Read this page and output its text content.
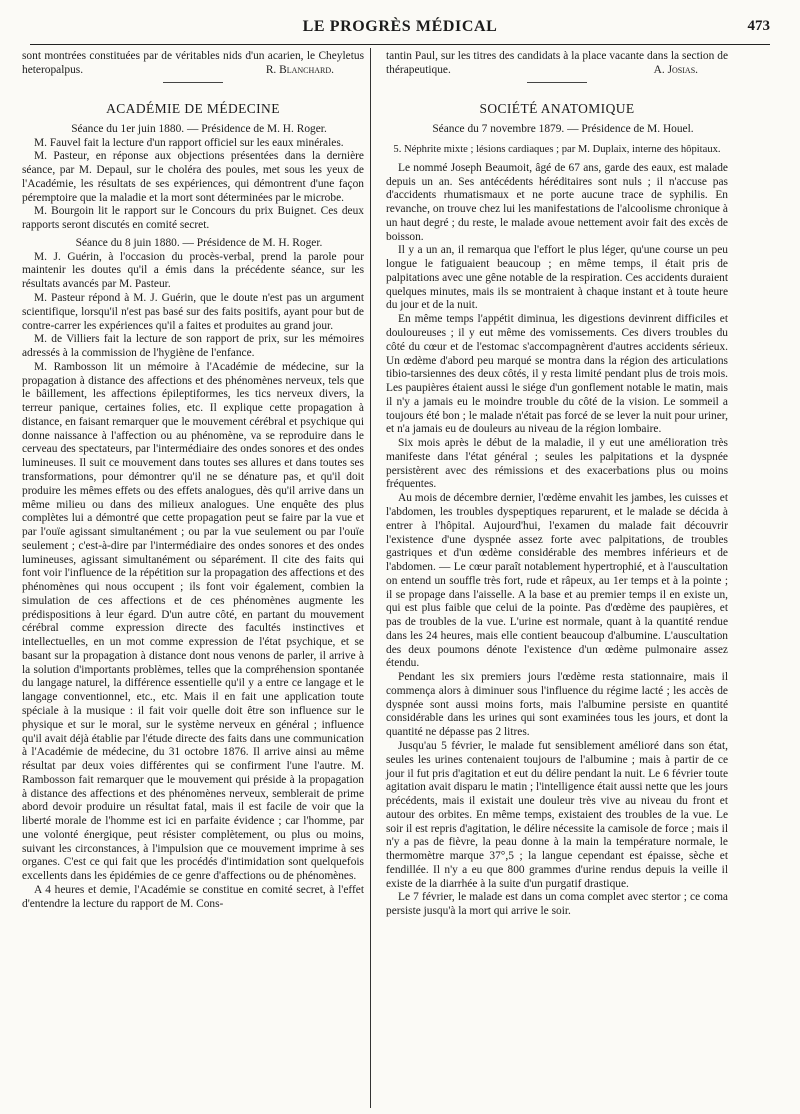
LE PROGRÈS MÉDICAL	473

sont montrées constituées par de véritables nids d'un acarien, le Cheyletus heteropalpus.	R. Blanchard.

ACADÉMIE DE MÉDECINE

Séance du 1er juin 1880. — Présidence de M. H. Roger.

M. Fauvel fait la lecture d'un rapport officiel sur les eaux minérales.

M. Pasteur, en réponse aux objections présentées dans la dernière séance, par M. Depaul, sur le choléra des poules, met sous les yeux de l'Académie, les résultats de ses expériences, qui démontrent d'une façon péremptoire que la maladie et la mort sont déterminées par le microbe.

M. Bourgoin lit le rapport sur le Concours du prix Buignet. Ces deux rapports seront discutés en comité secret.

Séance du 8 juin 1880. — Présidence de M. H. Roger.

M. J. Guérin, à l'occasion du procès-verbal, prend la parole pour maintenir les doutes qu'il a émis dans la précédente séance, sur les résultats avancés par M. Pasteur.

M. Pasteur répond à M. J. Guérin, que le doute n'est pas un argument scientifique, lorsqu'il n'est pas basé sur des faits positifs, ayant pour but de contre-carrer les expériences qu'il a faites et produites au grand jour.

M. de Villiers fait la lecture de son rapport de prix, sur les mémoires adressés à la commission de l'hygiène de l'enfance.

M. Rambosson lit un mémoire à l'Académie de médecine, sur la propagation à distance des affections et des phénomènes nerveux, tels que le bâillement, les affections épileptiformes, les tics nerveux divers, la terreur panique, certaines folies, etc. Il explique cette propagation à distance, en faisant remarquer que le mouvement cérébral et psychique qui donne naissance à l'affection ou au phénomène, va se reproduire dans le cerveau des spectateurs, par l'intermédiaire des ondes sonores et des ondes lumineuses. Il suit ce mouvement dans toutes ses allures et dans toutes ses transformations, pour démontrer qu'il ne se dénature pas, et qu'il doit produire les mêmes effets ou des effets analogues, dès qu'il arrive dans un même milieu ou dans des milieux analogues. Une enquête des plus complètes lui a démontré que cette propagation peut se faire par la vue et par l'ouïe agissant simultanément ; ou par la vue seulement ou par l'ouïe seulement ; c'est-à-dire par l'intermédiaire des ondes sonores et des ondes lumineuses, agissant simultanément ou séparément. Il cite des faits qui font voir l'influence de la répétition sur la propagation des affections et des phénomènes qui nous occupent ; ils font voir également, combien la simulation de ces affections et de ces phénomènes augmente les prédispositions à leur égard. D'un autre côté, en partant du mouvement cérébral comme expression directe des facultés instinctives et intellectuelles, en un mot comme expression de l'état psychique, et se basant sur la propagation à distance dont nous venons de parler, il arrive à la solution d'importants problèmes, telles que la compréhension spontanée du langage naturel, la différence essentielle qu'il y a entre ce langage et le langage conventionnel, etc., etc. Mais il en fait une application toute spéciale à la musique : il fait voir quelle doit être son influence sur le physique et sur le moral, sur le système nerveux en général ; influence qu'il avait déjà établie par l'étude directe des faits dans une communication à l'Académie de médecine, du 31 octobre 1876. Il arrive ainsi au même résultat par deux voies différentes qui se confirment l'une l'autre. M. Rambosson fait remarquer que le mouvement qui préside à la propagation à distance des affections et des phénomènes nerveux, semblerait de prime abord devoir produire un résultat fatal, mais il est facile de voir que la liberté morale de l'homme est ici en parfaite évidence ; car l'homme, par une volonté énergique, peut résister complètement, ou plus ou moins, suivant les circonstances, à l'impulsion que ce mouvement imprime à ses organes. C'est ce qui fait que les procédés d'intimidation sont quelquefois excellents dans les épidémies de ce genre d'affections ou de phénomènes.

A 4 heures et demie, l'Académie se constitue en comité secret, à l'effet d'entendre la lecture du rapport de M. Cons-

tantin Paul, sur les titres des candidats à la place vacante dans la section de thérapeutique.	A. Josias.

SOCIÉTÉ ANATOMIQUE

Séance du 7 novembre 1879. — Présidence de M. Houel.

5. Néphrite mixte ; lésions cardiaques ; par M. Duplaix, interne des hôpitaux.

Le nommé Joseph Beaumoit, âgé de 67 ans, garde des eaux, est malade depuis un an. Ses antécédents héréditaires sont nuls ; il n'accuse pas d'accidents rhumatismaux et ne porte aucune trace de syphilis. En revanche, on trouve chez lui les manifestations de l'alcoolisme chronique à un haut degré ; du reste, le malade avoue nettement avoir fait des excès de boisson.

Il y a un an, il remarqua que l'effort le plus léger, qu'une course un peu longue le fatiguaient beaucoup ; en même temps, il était pris de palpitations avec une gêne notable de la respiration. Ces accidents duraient quelques minutes, mais ils se montraient à chaque instant et à toute heure du jour et de la nuit.

En même temps l'appétit diminua, les digestions devinrent difficiles et douloureuses ; il y eut même des vomissements. Ces divers troubles du côté du cœur et de l'estomac s'accompagnèrent d'autres accidents sérieux. Un œdème d'abord peu marqué se montra dans la région des articulations tibio-tarsiennes des deux côtés, il y resta limité pendant plus de trois mois. Les paupières étaient aussi le siége d'un gonflement notable le matin, mais il n'y a jamais eu le moindre trouble du côté de la vision. Le sommeil a toujours été bon ; le malade n'était pas forcé de se lever la nuit pour uriner, et n'a jamais eu de douleurs au niveau de la région lombaire.

Six mois après le début de la maladie, il y eut une amélioration très manifeste dans l'état général ; seules les palpitations et la dyspnée persistèrent avec des rémissions et des exacerbations plus ou moins fréquentes.

Au mois de décembre dernier, l'œdème envahit les jambes, les cuisses et l'abdomen, les troubles dyspeptiques reparurent, et le malade se décida à entrer à l'hôpital. Aujourd'hui, l'examen du malade fait découvrir l'existence d'une dyspnée assez forte avec palpitations, de troubles gastriques et d'un œdème considérable des membres inférieurs et de l'abdomen. — Le cœur paraît notablement hypertrophié, et à l'auscultation on entend un souffle très fort, rude et râpeux, au 1er temps et à la pointe ; il se propage dans l'aisselle. A la base et au premier temps il en existe un, qui est plus faible que celui de la pointe. Pas d'œdème des paupières, et pas de troubles de la vue. L'urine est normale, quant à la quantité rendue dans les 24 heures, mais elle contient beaucoup d'albumine. L'auscultation des deux poumons dénote l'existence d'un œdème pulmonaire assez étendu.

Pendant les six premiers jours l'œdème resta stationnaire, mais il commença alors à diminuer sous l'influence du régime lacté ; les accès de dyspnée sont aussi moins forts, mais l'albumine persiste en quantité considérable dans les urines qui sont examinées tous les jours, et dont la quantité ne dépasse pas 2 litres.

Jusqu'au 5 février, le malade fut sensiblement amélioré dans son état, seules les urines contenaient toujours de l'albumine ; mais à partir de ce jour il fut pris d'agitation et eut du délire pendant la nuit. Le 6 février toute agitation avait disparu le matin ; l'intelligence était aussi nette que les jours précédents, mais il existait une douleur très vive au niveau du front et autour des orbites. En même temps, existaient des troubles de la vue. Le soir il est repris d'agitation, le délire nécessite la camisole de force ; mais il n'y a pas de fièvre, la peau donne à la main la température normale, le thermomètre marque 37°,5 ; la langue cependant est épaisse, sèche et fendillée. Il n'y a eu que 800 grammes d'urine rendus depuis la veille il existe de la diarrhée à la suite d'un purgatif drastique.

Le 7 février, le malade est dans un coma complet avec stertor ; ce coma persiste jusqu'à la mort qui arrive le soir.
